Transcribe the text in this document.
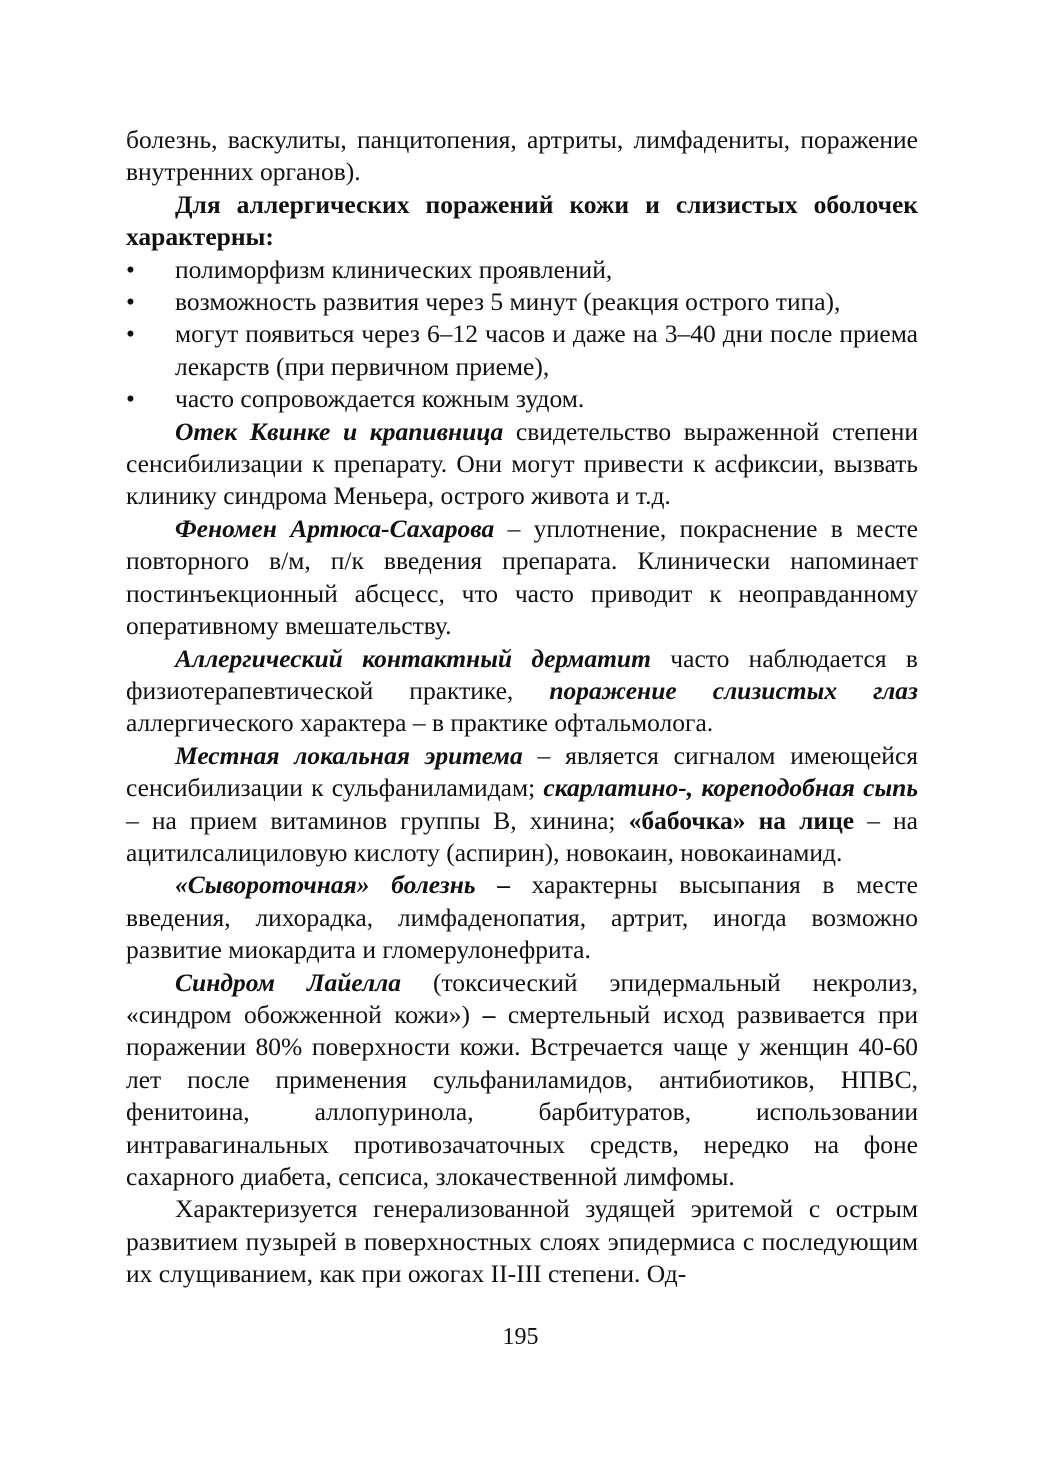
болезнь, васкулиты, панцитопения, артриты, лимфадениты, поражение внутренних органов).

Для аллергических поражений кожи и слизистых оболочек характерны:

• полиморфизм клинических проявлений,

• возможность развития через 5 минут (реакция острого типа),

• могут появиться через 6–12 часов и даже на 3–40 дни после приема лекарств (при первичном приеме),

• часто сопровождается кожным зудом.

Отек Квинке и крапивница свидетельство выраженной степени сенсибилизации к препарату. Они могут привести к асфиксии, вызвать клинику синдрома Меньера, острого живота и т.д.

Феномен Артюса-Сахарова – уплотнение, покраснение в месте повторного в/м, п/к введения препарата. Клинически напоминает постинъекционный абсцесс, что часто приводит к неоправданному оперативному вмешательству.

Аллергический контактный дерматит часто наблюдается в физиотерапевтической практике, поражение слизистых глаз аллергического характера – в практике офтальмолога.

Местная локальная эритема – является сигналом имеющейся сенсибилизации к сульфаниламидам; скарлатино-, кореподобная сыпь – на прием витаминов группы В, хинина; «бабочка» на лице – на ацитилсалициловую кислоту (аспирин), новокаин, новокаинамид.

«Сывороточная» болезнь – характерны высыпания в месте введения, лихорадка, лимфаденопатия, артрит, иногда возможно развитие миокардита и гломерулонефрита.

Синдром Лайелла (токсический эпидермальный некролиз, «синдром обожженной кожи») – смертельный исход развивается при поражении 80% поверхности кожи. Встречается чаще у женщин 40-60 лет после применения сульфаниламидов, антибиотиков, НПВС, фенитоина, аллопуринола, барбитуратов, использовании интравагинальных противозачаточных средств, нередко на фоне сахарного диабета, сепсиса, злокачественной лимфомы.

Характеризуется генерализованной зудящей эритемой с острым развитием пузырей в поверхностных слоях эпидермиса с последующим их слущиванием, как при ожогах II-III степени. Од-

195
